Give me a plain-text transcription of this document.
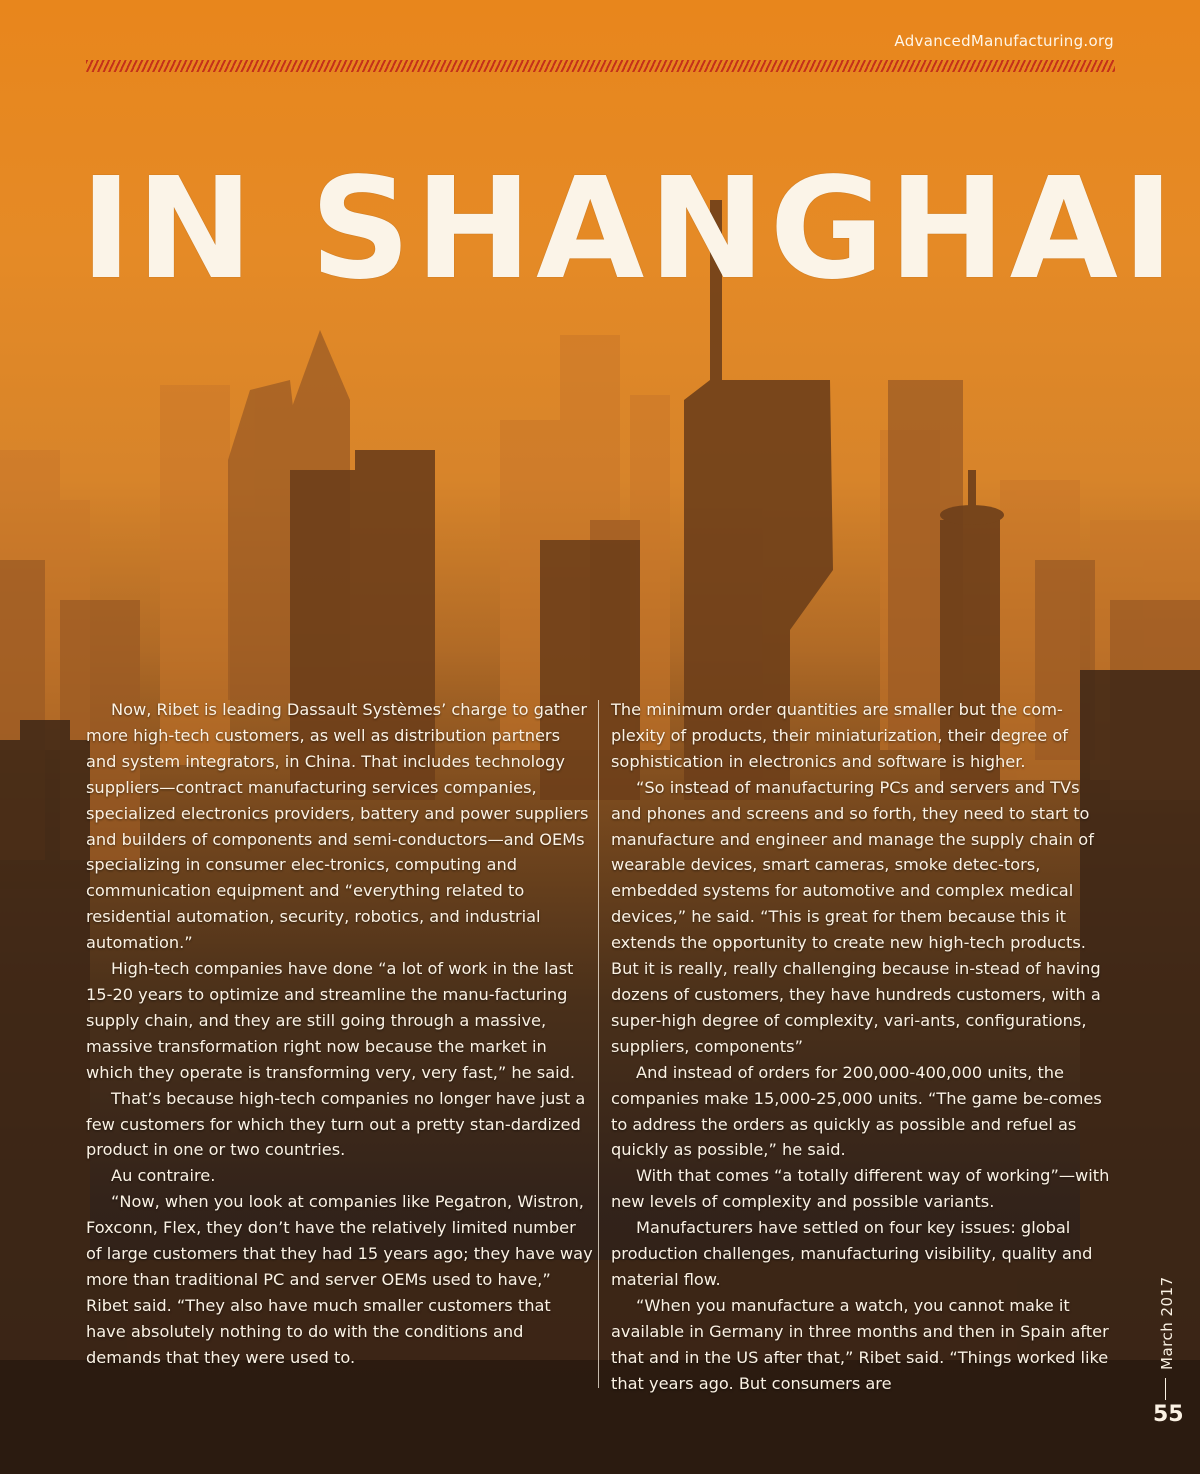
AdvancedManufacturing.org
IN SHANGHAI

Now, Ribet is leading Dassault Systèmes’ charge to gather more high-tech customers, as well as distribution partners and system integrators, in China. That includes technology suppliers—contract manufacturing services companies, specialized electronics providers, battery and power suppliers and builders of components and semi-conductors—and OEMs specializing in consumer elec-tronics, computing and communication equipment and “everything related to residential automation, security, robotics, and industrial automation.”

High-tech companies have done “a lot of work in the last 15-20 years to optimize and streamline the manu-facturing supply chain, and they are still going through a massive, massive transformation right now because the market in which they operate is transforming very, very fast,” he said.

That’s because high-tech companies no longer have just a few customers for which they turn out a pretty stan-dardized product in one or two countries.

Au contraire.

“Now, when you look at companies like Pegatron, Wistron, Foxconn, Flex, they don’t have the relatively limited number of large customers that they had 15 years ago; they have way more than traditional PC and server OEMs used to have,” Ribet said. “They also have much smaller customers that have absolutely nothing to do with the conditions and demands that they were used to.

The minimum order quantities are smaller but the com-plexity of products, their miniaturization, their degree of sophistication in electronics and software is higher.

“So instead of manufacturing PCs and servers and TVs and phones and screens and so forth, they need to start to manufacture and engineer and manage the supply chain of wearable devices, smart cameras, smoke detec-tors, embedded systems for automotive and complex medical devices,” he said. “This is great for them because this it extends the opportunity to create new high-tech products. But it is really, really challenging because in-stead of having dozens of customers, they have hundreds customers, with a super-high degree of complexity, vari-ants, configurations, suppliers, components”

And instead of orders for 200,000-400,000 units, the companies make 15,000-25,000 units. “The game be-comes to address the orders as quickly as possible and refuel as quickly as possible,” he said.

With that comes “a totally different way of working”—with new levels of complexity and possible variants.

Manufacturers have settled on four key issues: global production challenges, manufacturing visibility, quality and material flow.

“When you manufacture a watch, you cannot make it available in Germany in three months and then in Spain after that and in the US after that,” Ribet said. “Things worked like that years ago. But consumers are

March 2017
55
